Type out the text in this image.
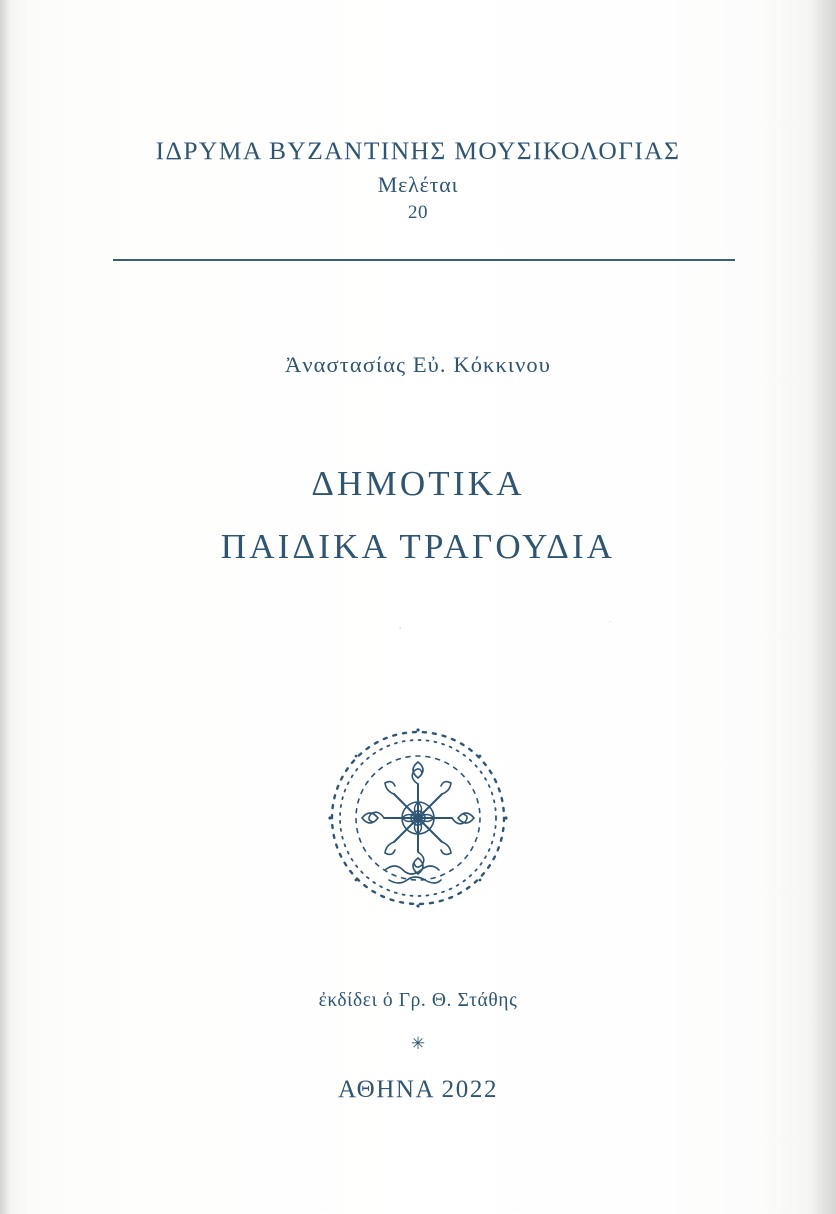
ΙΔΡΥΜΑ ΒΥΖΑΝΤΙΝΗΣ ΜΟΥΣΙΚΟΛΟΓΙΑΣ
Μελέται
20
Ἀναστασίας Εὐ. Κόκκινου
ΔΗΜΟΤΙΚΑ
ΠΑΙΔΙΚΑ ΤΡΑΓΟΥΔΙΑ
ἐκδίδει ὁ Γρ. Θ. Στάθης
✳
ΑΘΗΝΑ 2022
,
.
